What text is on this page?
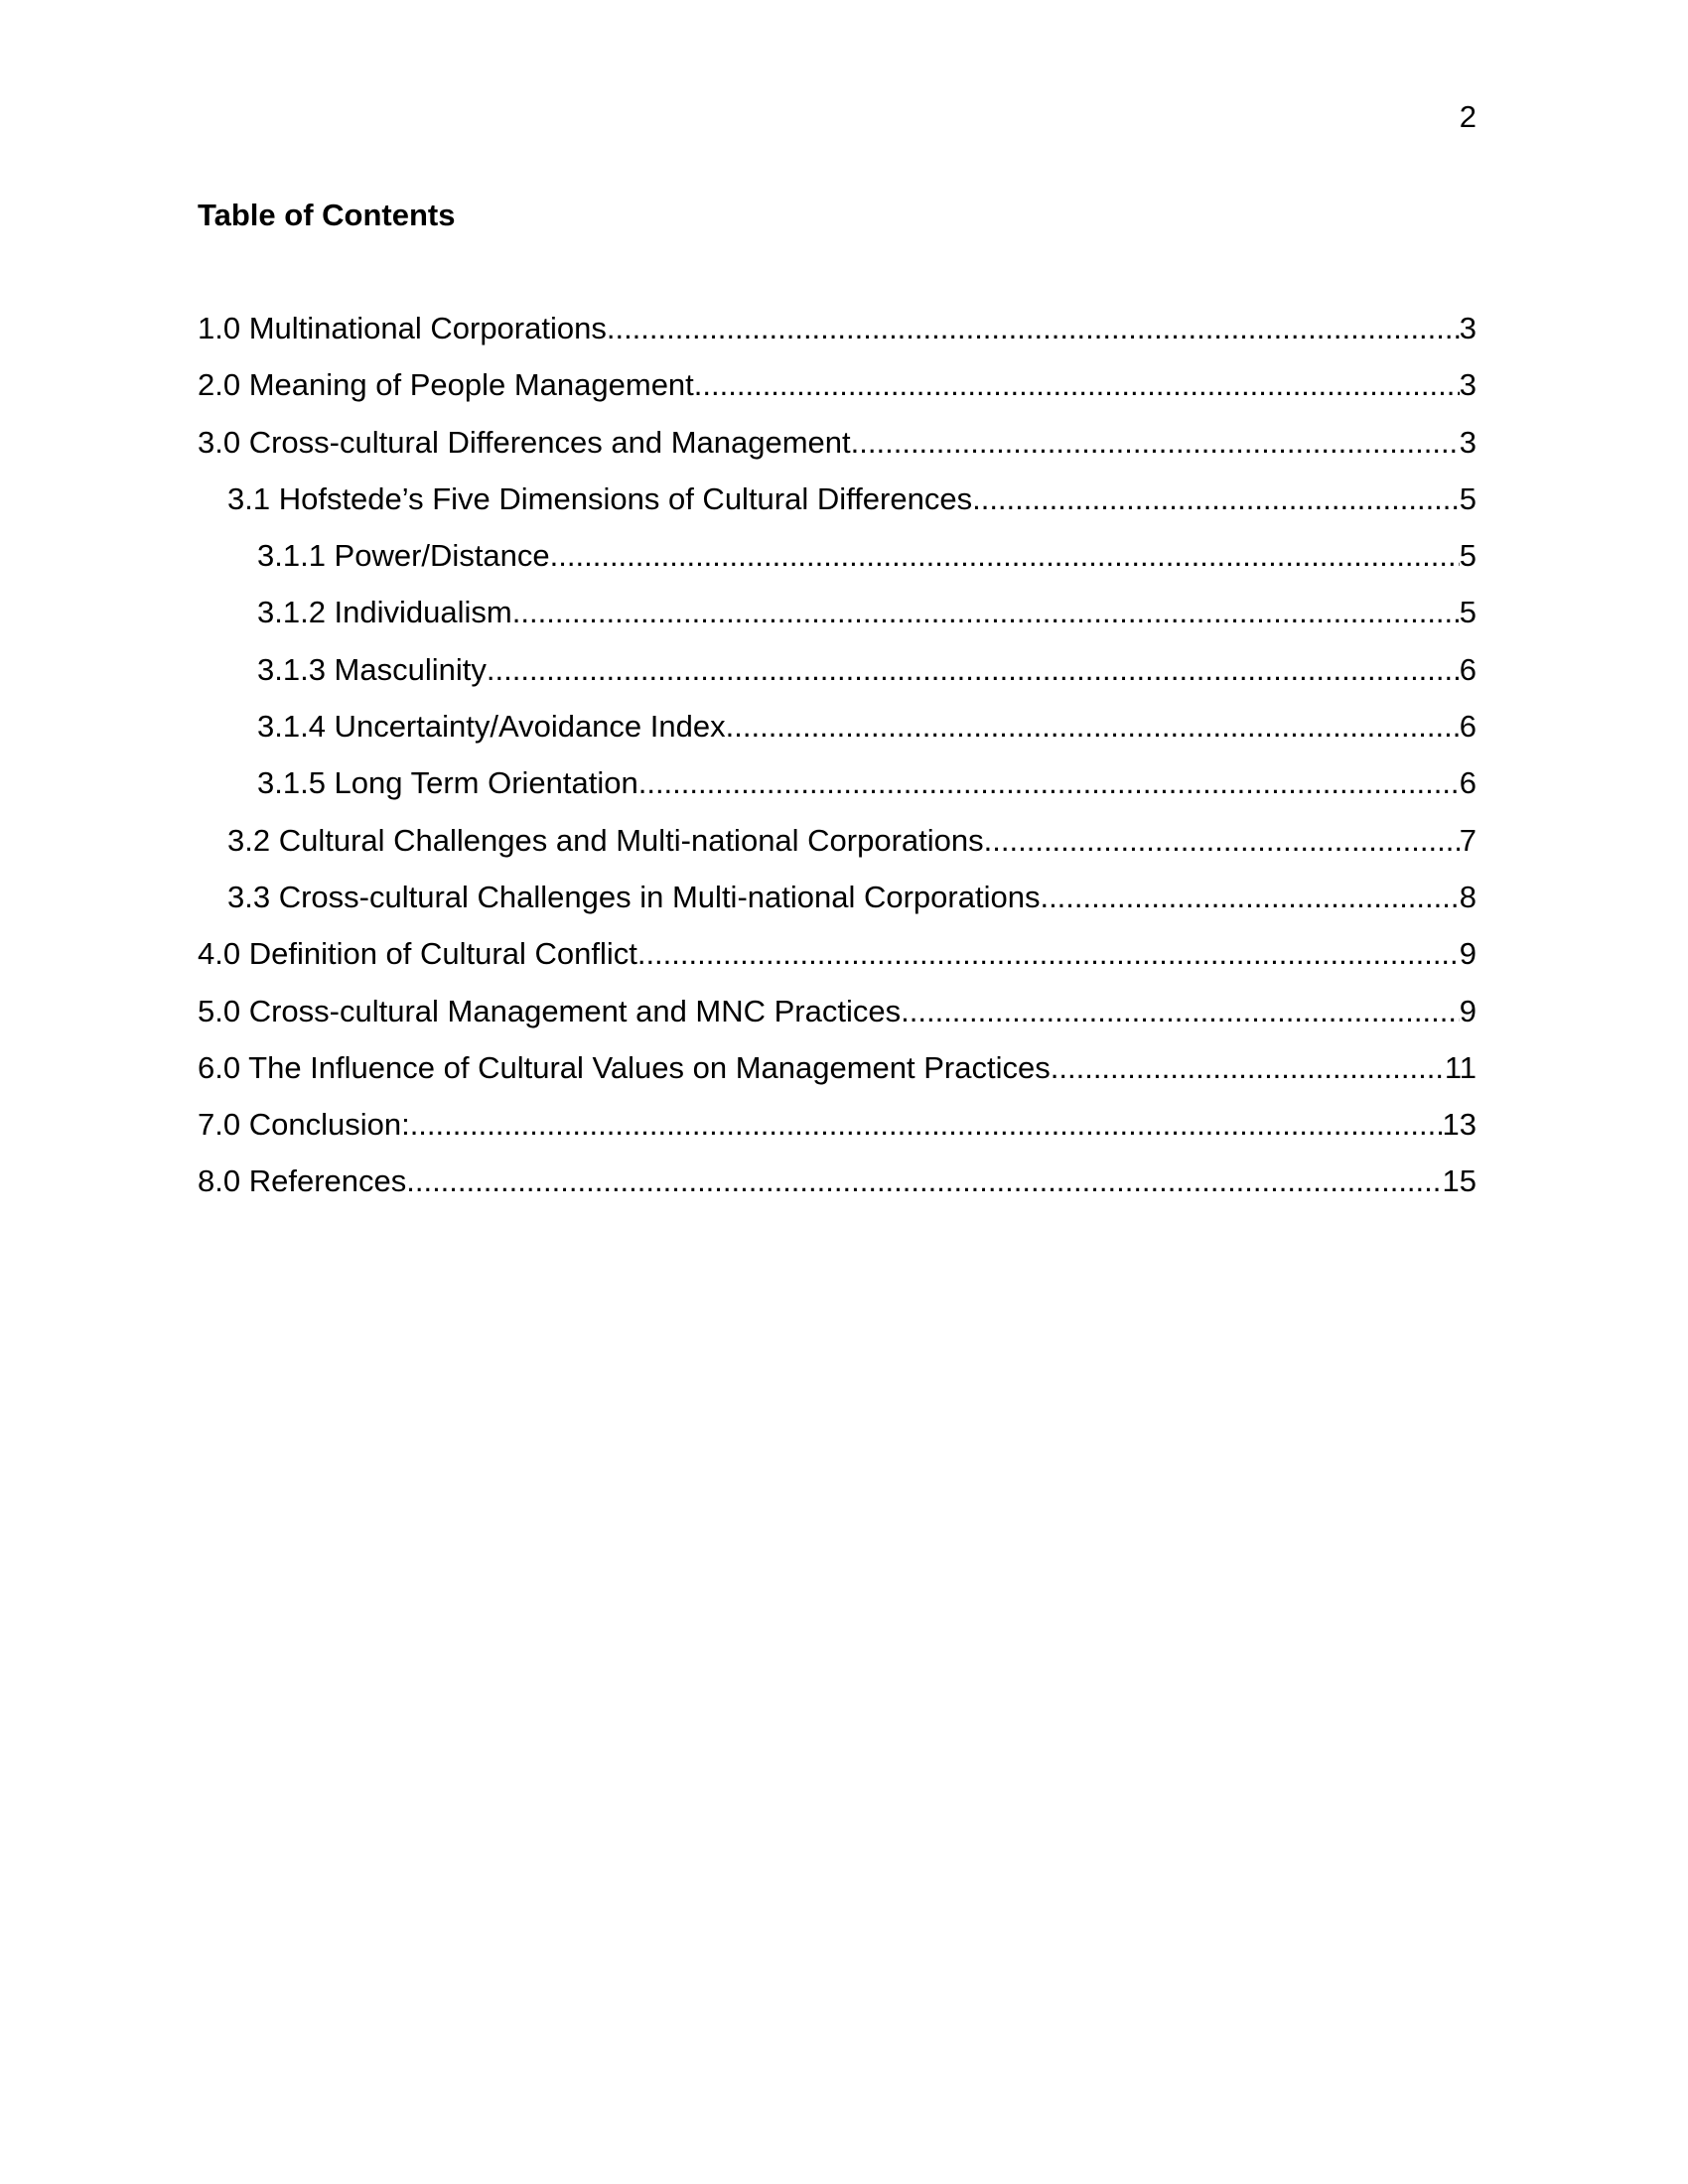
2
Table of Contents
1.0 Multinational Corporations .....	3
2.0 Meaning of People Management .....	3
3.0 Cross-cultural Differences and Management .....	3
3.1 Hofstede’s Five Dimensions of Cultural Differences .....	5
3.1.1 Power/Distance .....	5
3.1.2 Individualism .....	5
3.1.3 Masculinity .....	6
3.1.4 Uncertainty/Avoidance Index .....	6
3.1.5 Long Term Orientation .....	6
3.2 Cultural Challenges and Multi-national Corporations .....	7
3.3 Cross-cultural Challenges in Multi-national Corporations .....	8
4.0 Definition of Cultural Conflict .....	9
5.0 Cross-cultural Management and MNC Practices .....	9
6.0 The Influence of Cultural Values on Management Practices .....	11
7.0 Conclusion: .....	13
8.0 References .....	15
